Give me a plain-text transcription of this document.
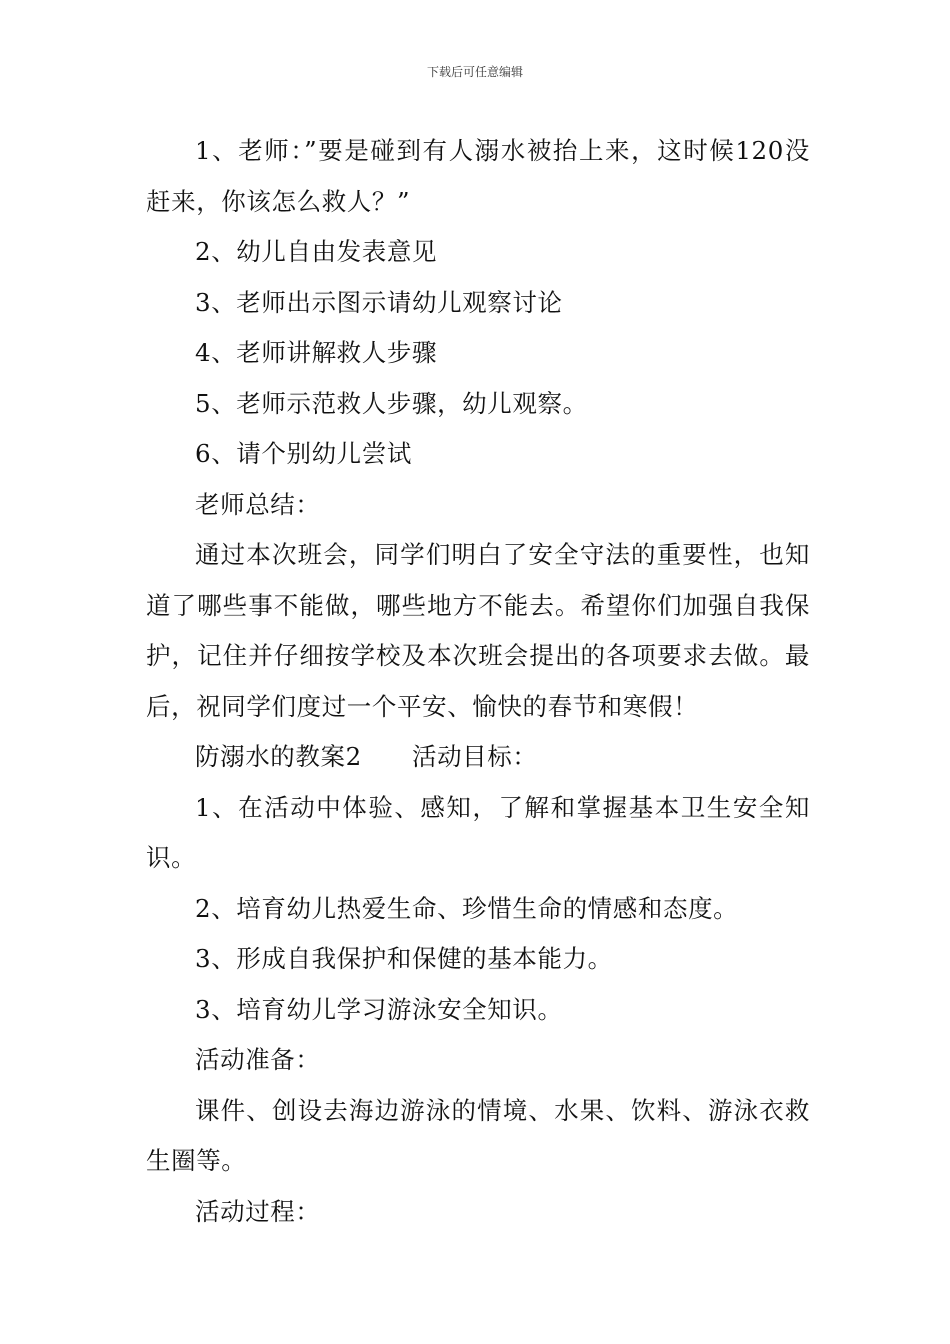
下载后可任意编辑

1、老师：”要是碰到有人溺水被抬上来，这时候120没赶来，你该怎么救人？”

2、幼儿自由发表意见

3、老师出示图示请幼儿观察讨论

4、老师讲解救人步骤

5、老师示范救人步骤，幼儿观察。

6、请个别幼儿尝试

老师总结：

通过本次班会，同学们明白了安全守法的重要性，也知道了哪些事不能做，哪些地方不能去。希望你们加强自我保护，记住并仔细按学校及本次班会提出的各项要求去做。最后，祝同学们度过一个平安、愉快的春节和寒假！

防溺水的教案2　　活动目标：

1、在活动中体验、感知，了解和掌握基本卫生安全知识。

2、培育幼儿热爱生命、珍惜生命的情感和态度。

3、形成自我保护和保健的基本能力。

3、培育幼儿学习游泳安全知识。

活动准备：

课件、创设去海边游泳的情境、水果、饮料、游泳衣救生圈等。

活动过程：
